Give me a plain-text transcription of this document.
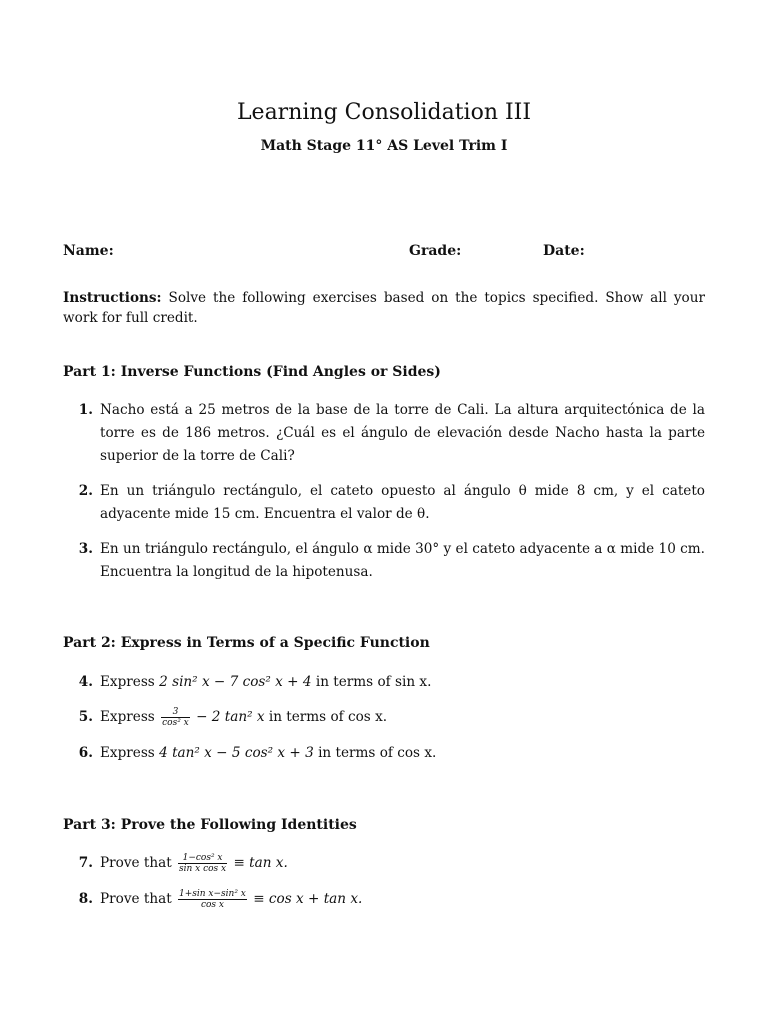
Learning Consolidation III
Math Stage 11° AS Level Trim I
Name:	Grade:	Date:
Instructions: Solve the following exercises based on the topics specified. Show all your work for full credit.
Part 1: Inverse Functions (Find Angles or Sides)
1. Nacho está a 25 metros de la base de la torre de Cali. La altura arquitectónica de la torre es de 186 metros. ¿Cuál es el ángulo de elevación desde Nacho hasta la parte superior de la torre de Cali?
2. En un triángulo rectángulo, el cateto opuesto al ángulo θ mide 8 cm, y el cateto adyacente mide 15 cm. Encuentra el valor de θ.
3. En un triángulo rectángulo, el ángulo α mide 30° y el cateto adyacente a α mide 10 cm. Encuentra la longitud de la hipotenusa.
Part 2: Express in Terms of a Specific Function
4. Express 2 sin² x − 7 cos² x + 4 in terms of sin x.
5. Express $\frac{3}{\text{cos² x}} - 2$ tan² x in terms of cos x.
6. Express 4 tan² x − 5 cos² x + 3 in terms of cos x.
Part 3: Prove the Following Identities
7. Prove that $\frac{\text{1−cos² x}}{\text{sin x cos x}} \equiv \tan x$.
8. Prove that $\frac{\text{1+sin x−sin² x}}{\text{cos x}} \equiv \cos x + \tan x$.
